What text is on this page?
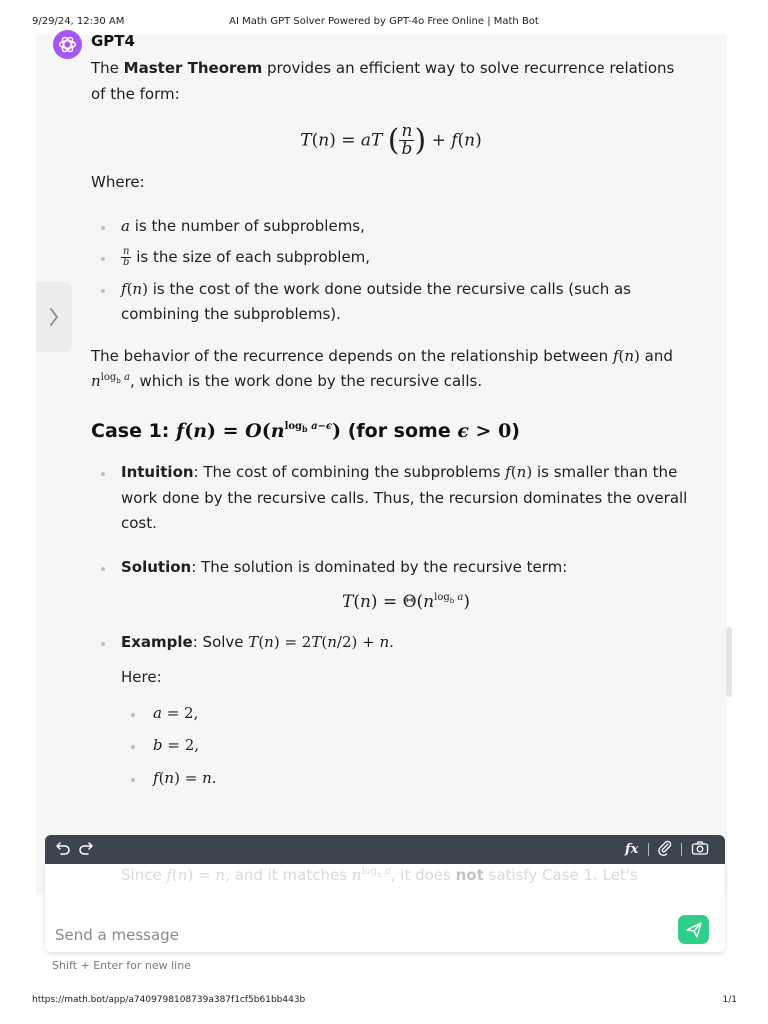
9/29/24, 12:30 AM	AI Math GPT Solver Powered by GPT-4o Free Online | Math Bot
GPT4

The Master Theorem provides an efficient way to solve recurrence relations of the form:

T(n) = aT ( $\frac{n}{b}$ ) + f(n)

Where:

a is the number of subproblems,
$\frac{n}{b}$ is the size of each subproblem,
f(n) is the cost of the work done outside the recursive calls (such as combining the subproblems).

The behavior of the recurrence depends on the relationship between f(n) and
$n^{log_b a}$, which is the work done by the recursive calls.

Case 1: $f(n) = O(n^{log_b a-\epsilon})$ (for some ϵ > 0)
Intuition: The cost of combining the subproblems f(n) is smaller than the work done by the recursive calls. Thus, the recursion dominates the overall cost.
Solution: The solution is dominated by the recursive term:
$T(n) = \Theta(n^{log_b a})$
Example: Solve T(n) = 2T(n/2) + n.
Here:
a = 2,
b = 2,
f(n) = n.
fx
Since f(n) = n, and it matches $n^{log_b a}$, it does not satisfy Case 1. Let's
Send a message
Shift + Enter for new line
https://math.bot/app/a7409798108739a387f1cf5b61bb443b	1/1
